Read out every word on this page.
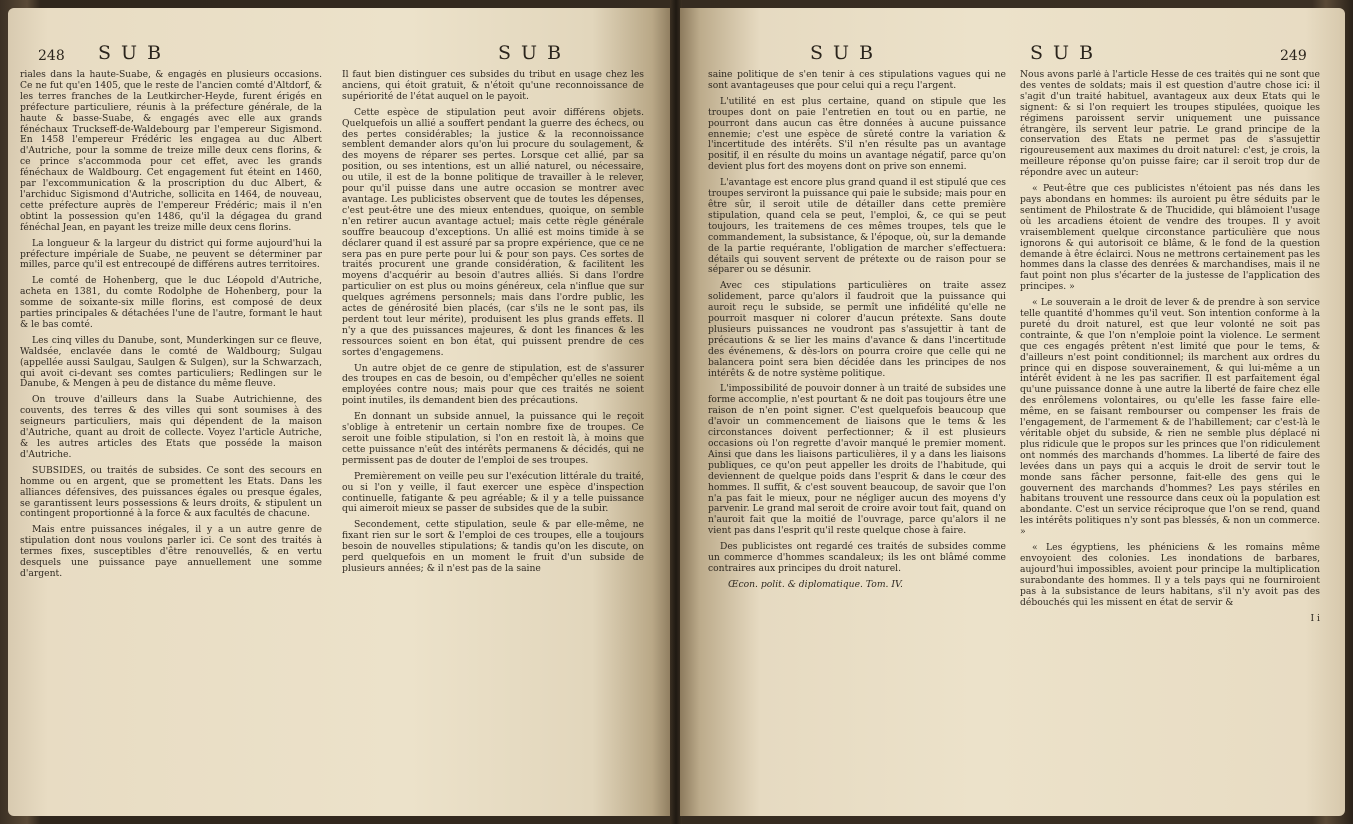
248 S U B	S U B

riales dans la haute-Suabe, & engagés en plusieurs occasions. Ce ne fut qu'en 1405, que le reste de l'ancien comté d'Altdorf, & les terres franches de la Leutkircher-Heyde, furent érigés en préfecture particuliere, réunis à la préfecture générale, de la haute & basse-Suabe, & engagés avec elle aux grands fénéchaux Truckseff-de-Waldebourg par l'empereur Sigismond. En 1458 l'empereur Frédéric les engagea au duc Albert d'Autriche, pour la somme de treize mille deux cens florins, & ce prince s'accommoda pour cet effet, avec les grands fénéchaux de Waldbourg. Cet engagement fut éteint en 1460, par l'excommunication & la proscription du duc Albert, & l'archiduc Sigismond d'Autriche, sollicita en 1464, de nouveau, cette préfecture auprès de l'empereur Frédéric; mais il n'en obtint la possession qu'en 1486, qu'il la dégagea du grand fénéchal Jean, en payant les treize mille deux cens florins.

La longueur & la largeur du district qui forme aujourd'hui la préfecture impériale de Suabe, ne peuvent se déterminer par milles, parce qu'il est entrecoupé de différens autres territoires.

Le comté de Hohenberg, que le duc Léopold d'Autriche, acheta en 1381, du comte Rodolphe de Hohenberg, pour la somme de soixante-six mille florins, est composé de deux parties principales & détachées l'une de l'autre, formant le haut & le bas comté.

Les cinq villes du Danube, sont, Munderkingen sur ce fleuve, Waldsée, enclavée dans le comté de Waldbourg; Sulgau (appellée aussi Saulgau, Saulgen & Sulgen), sur la Schwarzach, qui avoit ci-devant ses comtes particuliers; Redlingen sur le Danube, & Mengen à peu de distance du même fleuve.

On trouve d'ailleurs dans la Suabe Autrichienne, des couvents, des terres & des villes qui sont soumises à des seigneurs particuliers, mais qui dépendent de la maison d'Autriche, quant au droit de collecte. Voyez l'article Autriche, & les autres articles des Etats que posséde la maison d'Autriche.

SUBSIDES, ou traités de subsides. Ce sont des secours en homme ou en argent, que se promettent les Etats. Dans les alliances défensives, des puissances égales ou presque égales, se garantissent leurs possessions & leurs droits, & stipulent un contingent proportionné à la force & aux facultés de chacune.

Mais entre puissances inégales, il y a un autre genre de stipulation dont nous voulons parler ici. Ce sont des traités à termes fixes, susceptibles d'être renouvellés, & en vertu desquels une puissance paye annuellement une somme d'argent.

Il faut bien distinguer ces subsides du tribut en usage chez les anciens, qui étoit gratuit, & n'étoit qu'une reconnoissance de supériorité de l'état auquel on le payoit.

Cette espèce de stipulation peut avoir différens objets. Quelquefois un allié a souffert pendant la guerre des échecs, ou des pertes considérables; la justice & la reconnoissance semblent demander alors qu'on lui procure du soulagement, & des moyens de réparer ses pertes. Lorsque cet allié, par sa position, ou ses intentions, est un allié naturel, ou nécessaire, ou utile, il est de la bonne politique de travailler à le relever, pour qu'il puisse dans une autre occasion se montrer avec avantage. Les publicistes observent que de toutes les dépenses, c'est peut-être une des mieux entendues, quoique, on semble n'en retirer aucun avantage actuel; mais cette règle générale souffre beaucoup d'exceptions. Un allié est moins timide à se déclarer quand il est assuré par sa propre expérience, que ce ne sera pas en pure perte pour lui & pour son pays. Ces sortes de traités procurent une grande considération, & facilitent les moyens d'acquérir au besoin d'autres alliés. Si dans l'ordre particulier on est plus ou moins généreux, cela n'influe que sur quelques agrémens personnels; mais dans l'ordre public, les actes de générosité bien placés, (car s'ils ne le sont pas, ils perdent tout leur mérite), produisent les plus grands effets. Il n'y a que des puissances majeures, & dont les finances & les ressources soient en bon état, qui puissent prendre de ces sortes d'engagemens.

Un autre objet de ce genre de stipulation, est de s'assurer des troupes en cas de besoin, ou d'empêcher qu'elles ne soient employées contre nous; mais pour que ces traités ne soient point inutiles, ils demandent bien des précautions.

En donnant un subside annuel, la puissance qui le reçoit s'oblige à entretenir un certain nombre fixe de troupes. Ce seroit une foible stipulation, si l'on en restoit là, à moins que cette puissance n'eût des intérêts permanens & décidés, qui ne permissent pas de douter de l'emploi de ses troupes.

Premièrement on veille peu sur l'exécution littérale du traité, ou si l'on y veille, il faut exercer une espèce d'inspection continuelle, fatigante & peu agréable; & il y a telle puissance qui aimeroit mieux se passer de subsides que de la subir.

Secondement, cette stipulation, seule & par elle-même, ne fixant rien sur le sort & l'emploi de ces troupes, elle a toujours besoin de nouvelles stipulations; & tandis qu'on les discute, on perd quelquefois en un moment le fruit d'un subside de plusieurs années; & il n'est pas de la saine

S U B	S U B	249

saine politique de s'en tenir à ces stipulations vagues qui ne sont avantageuses que pour celui qui a reçu l'argent.

L'utilité en est plus certaine, quand on stipule que les troupes dont on paie l'entretien en tout ou en partie, ne pourront dans aucun cas être données à aucune puissance ennemie; c'est une espèce de sûreté contre la variation & l'incertitude des intérêts. S'il n'en résulte pas un avantage positif, il en résulte du moins un avantage négatif, parce qu'on devient plus fort des moyens dont on prive son ennemi.

L'avantage est encore plus grand quand il est stipulé que ces troupes serviront la puissance qui paie le subside; mais pour en être sûr, il seroit utile de détailler dans cette première stipulation, quand cela se peut, l'emploi, &, ce qui se peut toujours, les traitemens de ces mêmes troupes, tels que le commandement, la subsistance, & l'époque, où, sur la demande de la partie requérante, l'obligation de marcher s'effectuera: détails qui souvent servent de prétexte ou de raison pour se séparer ou se désunir.

Avec ces stipulations particulières on traite assez solidement, parce qu'alors il faudroit que la puissance qui auroit reçu le subside, se permît une infidélité qu'elle ne pourroit masquer ni colorer d'aucun prétexte. Sans doute plusieurs puissances ne voudront pas s'assujettir à tant de précautions & se lier les mains d'avance & dans l'incertitude des événemens, & dès-lors on pourra croire que celle qui ne balancera point sera bien décidée dans les principes de nos intérêts & de notre système politique.

L'impossibilité de pouvoir donner à un traité de subsides une forme accomplie, n'est pourtant & ne doit pas toujours être une raison de n'en point signer. C'est quelquefois beaucoup que d'avoir un commencement de liaisons que le tems & les circonstances doivent perfectionner; & il est plusieurs occasions où l'on regrette d'avoir manqué le premier moment. Ainsi que dans les liaisons particulières, il y a dans les liaisons publiques, ce qu'on peut appeller les droits de l'habitude, qui deviennent de quelque poids dans l'esprit & dans le cœur des hommes. Il suffit, & c'est souvent beaucoup, de savoir que l'on n'a pas fait le mieux, pour ne négliger aucun des moyens d'y parvenir. Le grand mal seroit de croire avoir tout fait, quand on n'auroit fait que la moitié de l'ouvrage, parce qu'alors il ne vient pas dans l'esprit qu'il reste quelque chose à faire.

Des publicistes ont regardé ces traités de subsides comme un commerce d'hommes scandaleux; ils les ont blâmé comme contraires aux principes du droit naturel.

Œcon. polit. & diplomatique. Tom. IV.

Nous avons parlé à l'article Hesse de ces traités qui ne sont que des ventes de soldats; mais il est question d'autre chose ici: il s'agit d'un traité habituel, avantageux aux deux Etats qui le signent: & si l'on requiert les troupes stipulées, quoique les régimens paroissent servir uniquement une puissance étrangère, ils servent leur patrie. Le grand principe de la conservation des Etats ne permet pas de s'assujettir rigoureusement aux maximes du droit naturel: c'est, je crois, la meilleure réponse qu'on puisse faire; car il seroit trop dur de répondre avec un auteur:

« Peut-être que ces publicistes n'étoient pas nés dans les pays abondans en hommes: ils auroient pu être séduits par le sentiment de Philostrate & de Thucidide, qui blâmoient l'usage où les arcadiens étoient de vendre des troupes. Il y avoit vraisemblement quelque circonstance particulière que nous ignorons & qui autorisoit ce blâme, & le fond de la question demande à être éclairci. Nous ne mettrons certainement pas les hommes dans la classe des denrées & marchandises, mais il ne faut point non plus s'écarter de la justesse de l'application des principes. »

« Le souverain a le droit de lever & de prendre à son service telle quantité d'hommes qu'il veut. Son intention conforme à la pureté du droit naturel, est que leur volonté ne soit pas contrainte, & que l'on n'emploie point la violence. Le serment que ces engagés prêtent n'est limité que pour le tems, & d'ailleurs n'est point conditionnel; ils marchent aux ordres du prince qui en dispose souverainement, & qui lui-même a un intérêt évident à ne les pas sacrifier. Il est parfaitement égal qu'une puissance donne à une autre la liberté de faire chez elle des enrôlemens volontaires, ou qu'elle les fasse faire elle-même, en se faisant rembourser ou compenser les frais de l'engagement, de l'armement & de l'habillement; car c'est-là le véritable objet du subside, & rien ne semble plus déplacé ni plus ridicule que le propos sur les princes que l'on ridiculement ont nommés des marchands d'hommes. La liberté de faire des levées dans un pays qui a acquis le droit de servir tout le monde sans fâcher personne, fait-elle des gens qui le gouvernent des marchands d'hommes? Les pays stériles en habitans trouvent une ressource dans ceux où la population est abondante. C'est un service réciproque que l'on se rend, quand les intérêts politiques n'y sont pas blessés, & non un commerce. »

« Les égyptiens, les phéniciens & les romains même envoyoient des colonies. Les inondations de barbares, aujourd'hui impossibles, avoient pour principe la multiplication surabondante des hommes. Il y a tels pays qui ne fourniroient pas à la subsistance de leurs habitans, s'il n'y avoit pas des débouchés qui les missent en état de servir &

I i
